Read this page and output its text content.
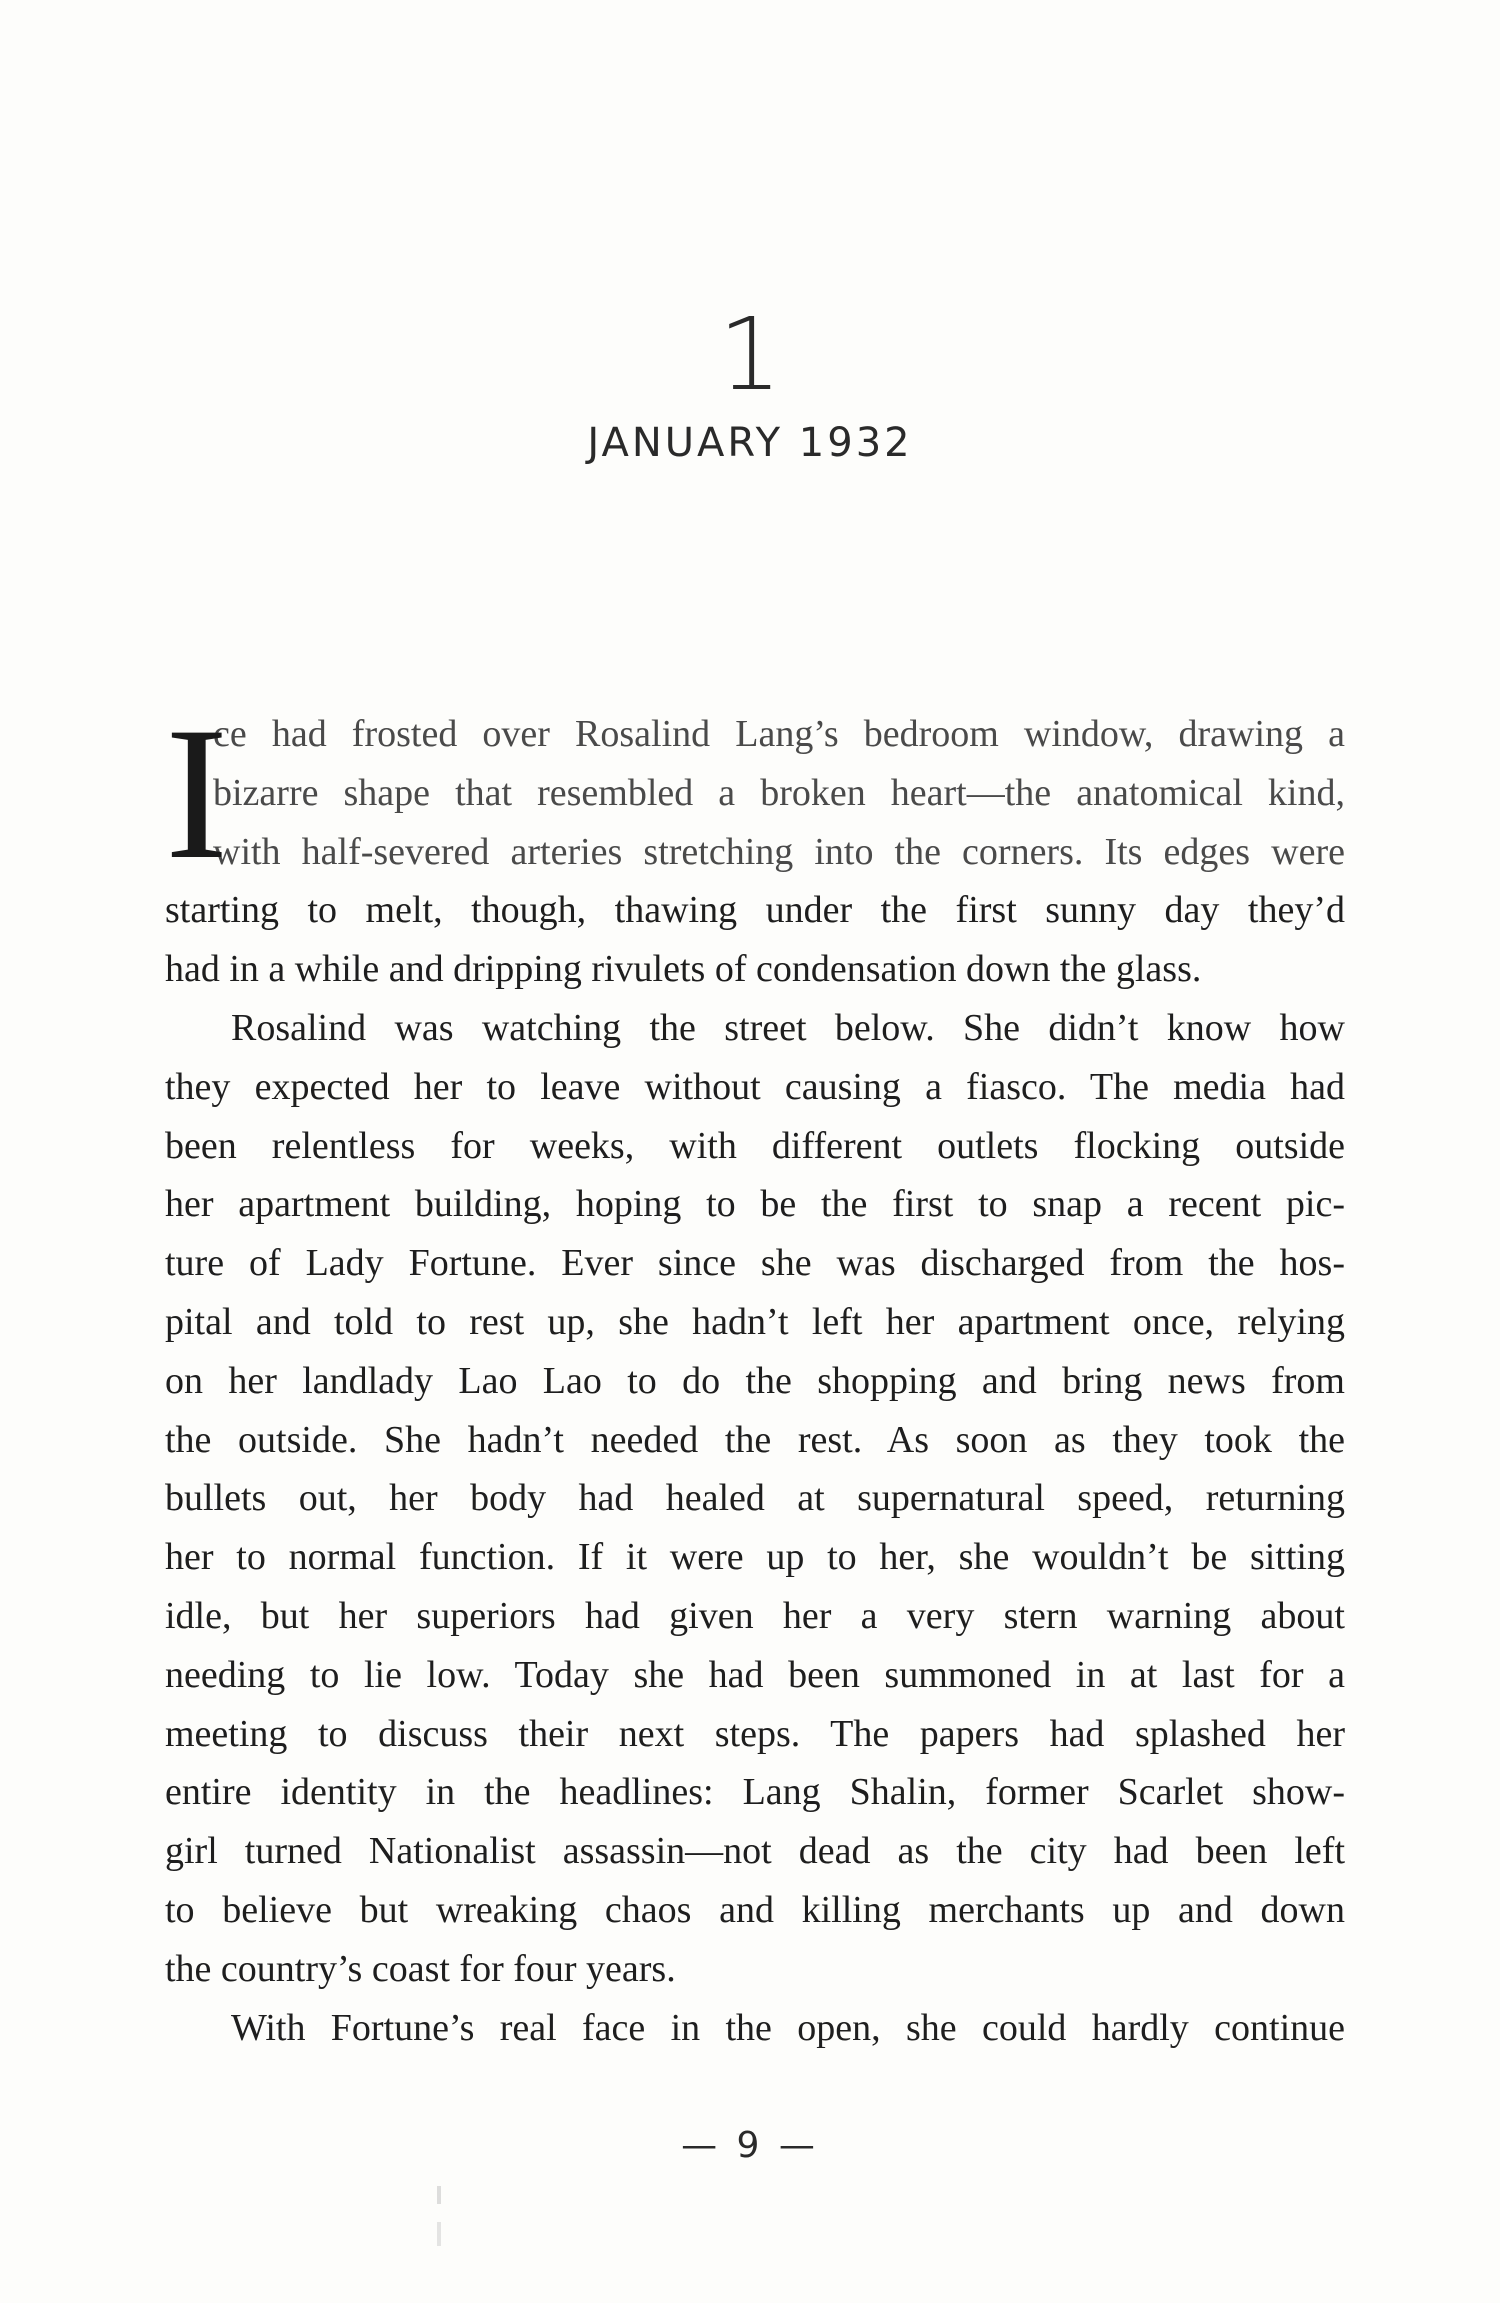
1
JANUARY 1932
I
ce had frosted over Rosalind Lang’s bedroom window, drawing a
bizarre shape that resembled a broken heart—the anatomical kind,
with half-severed arteries stretching into the corners. Its edges were
starting to melt, though, thawing under the first sunny day they’d
had in a while and dripping rivulets of condensation down the glass.
Rosalind was watching the street below. She didn’t know how
they expected her to leave without causing a fiasco. The media had
been relentless for weeks, with different outlets flocking outside
her apartment building, hoping to be the first to snap a recent pic-
ture of Lady Fortune. Ever since she was discharged from the hos-
pital and told to rest up, she hadn’t left her apartment once, relying
on her landlady Lao Lao to do the shopping and bring news from
the outside. She hadn’t needed the rest. As soon as they took the
bullets out, her body had healed at supernatural speed, returning
her to normal function. If it were up to her, she wouldn’t be sitting
idle, but her superiors had given her a very stern warning about
needing to lie low. Today she had been summoned in at last for a
meeting to discuss their next steps. The papers had splashed her
entire identity in the headlines: Lang Shalin, former Scarlet show-
girl turned Nationalist assassin—not dead as the city had been left
to believe but wreaking chaos and killing merchants up and down
the country’s coast for four years.
With Fortune’s real face in the open, she could hardly continue
— 9 —
